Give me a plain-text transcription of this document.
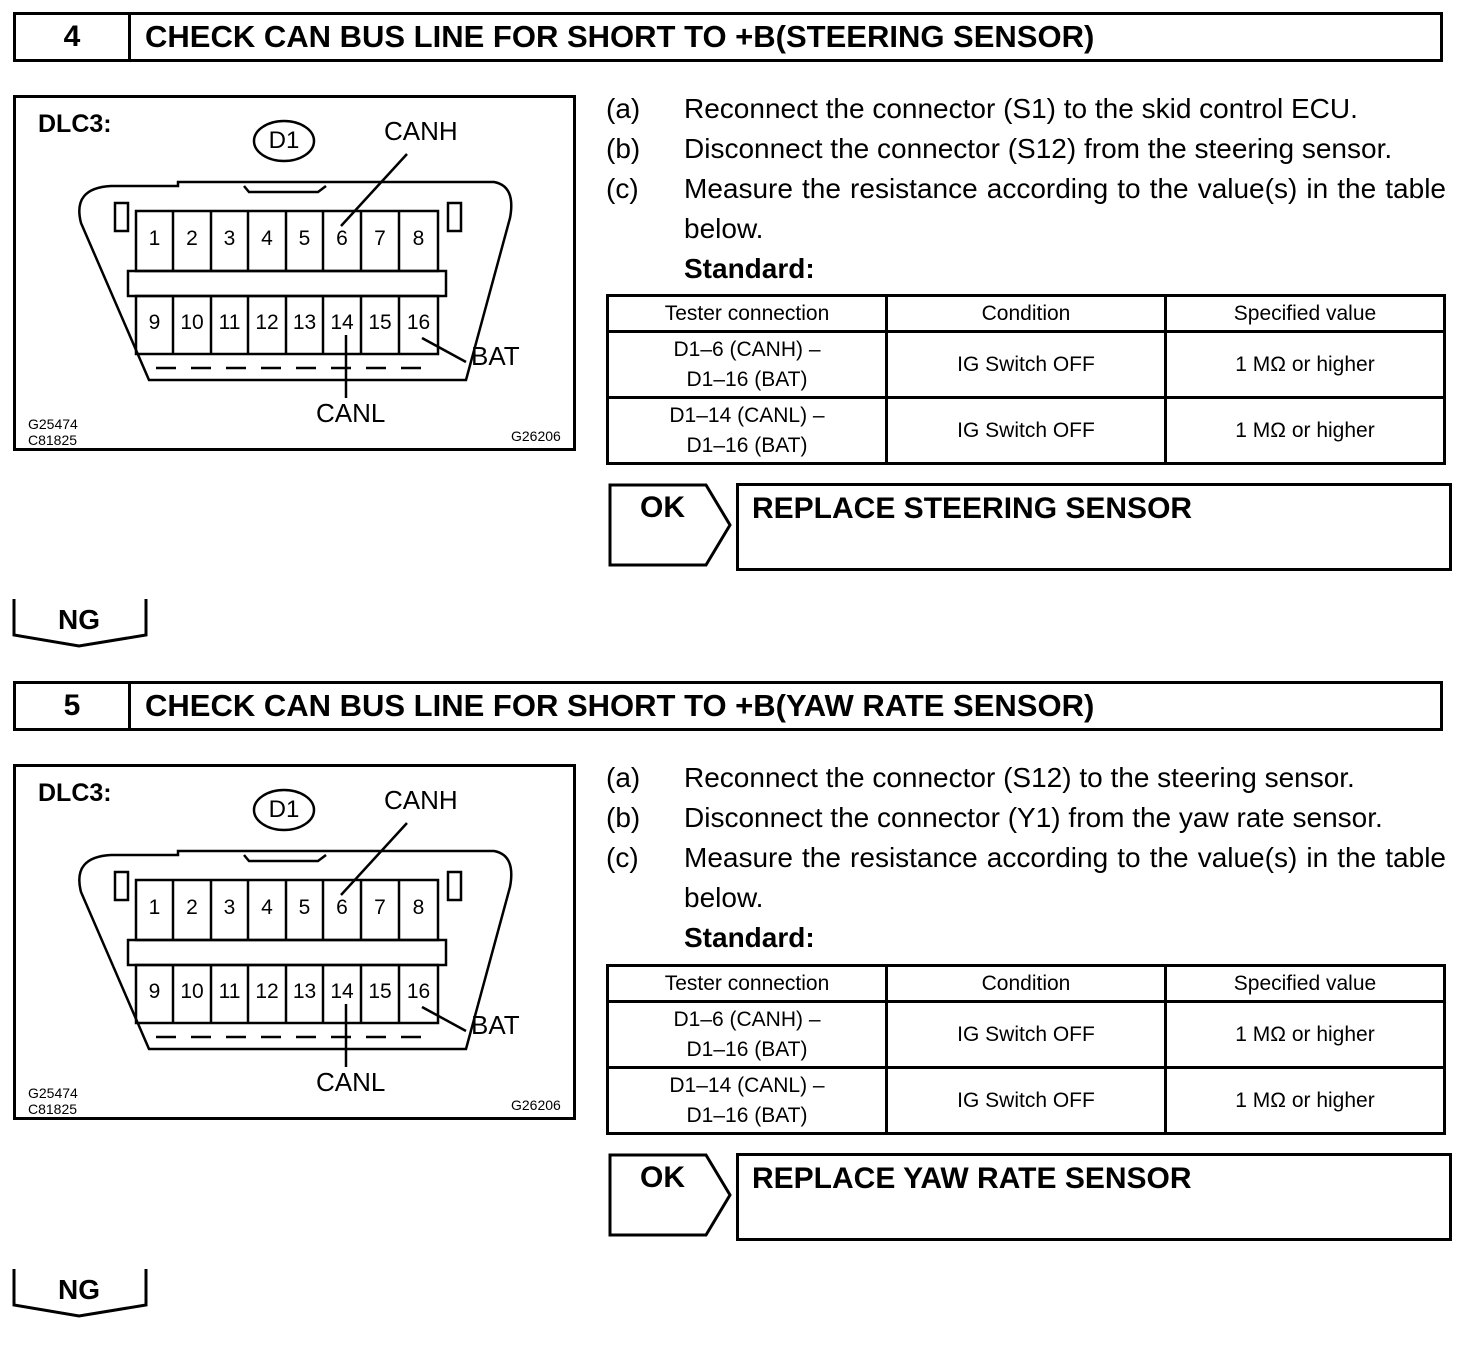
4	CHECK CAN BUS LINE FOR SHORT TO +B(STEERING SENSOR)
DLC3:
D1	CANH
CANL
BAT
1	2	3	4	5	6	7	8
9 10 11 12 13 14 15 16
G25474
C81825	G26206
(a)	Reconnect the connector (S1) to the skid control ECU.
(b)	Disconnect the connector (S12) from the steering sensor.
(c)	Measure the resistance according to the value(s) in the table below.
Standard:
Tester connection	Condition	Specified value

D1–6 (CANH) –
D1–16 (BAT)	IG Switch OFF	1 MΩ or higher

D1–14 (CANL) –
D1–16 (BAT)	IG Switch OFF	1 MΩ or higher
OK REPLACE STEERING SENSOR
NG
5	CHECK CAN BUS LINE FOR SHORT TO +B(YAW RATE SENSOR)
DLC3:
D1	CANH
CANL
BAT
1	2	3	4	5	6	7	8
9 10 11 12 13 14 15 16
G25474
C81825	G26206
(a)	Reconnect the connector (S12) to the steering sensor.
(b)	Disconnect the connector (Y1) from the yaw rate sensor.
(c)	Measure the resistance according to the value(s) in the table below.
Standard:
Tester connection	Condition	Specified value

D1–6 (CANH) –
D1–16 (BAT)	IG Switch OFF	1 MΩ or higher

D1–14 (CANL) –
D1–16 (BAT)	IG Switch OFF	1 MΩ or higher
OK REPLACE YAW RATE SENSOR
NG
